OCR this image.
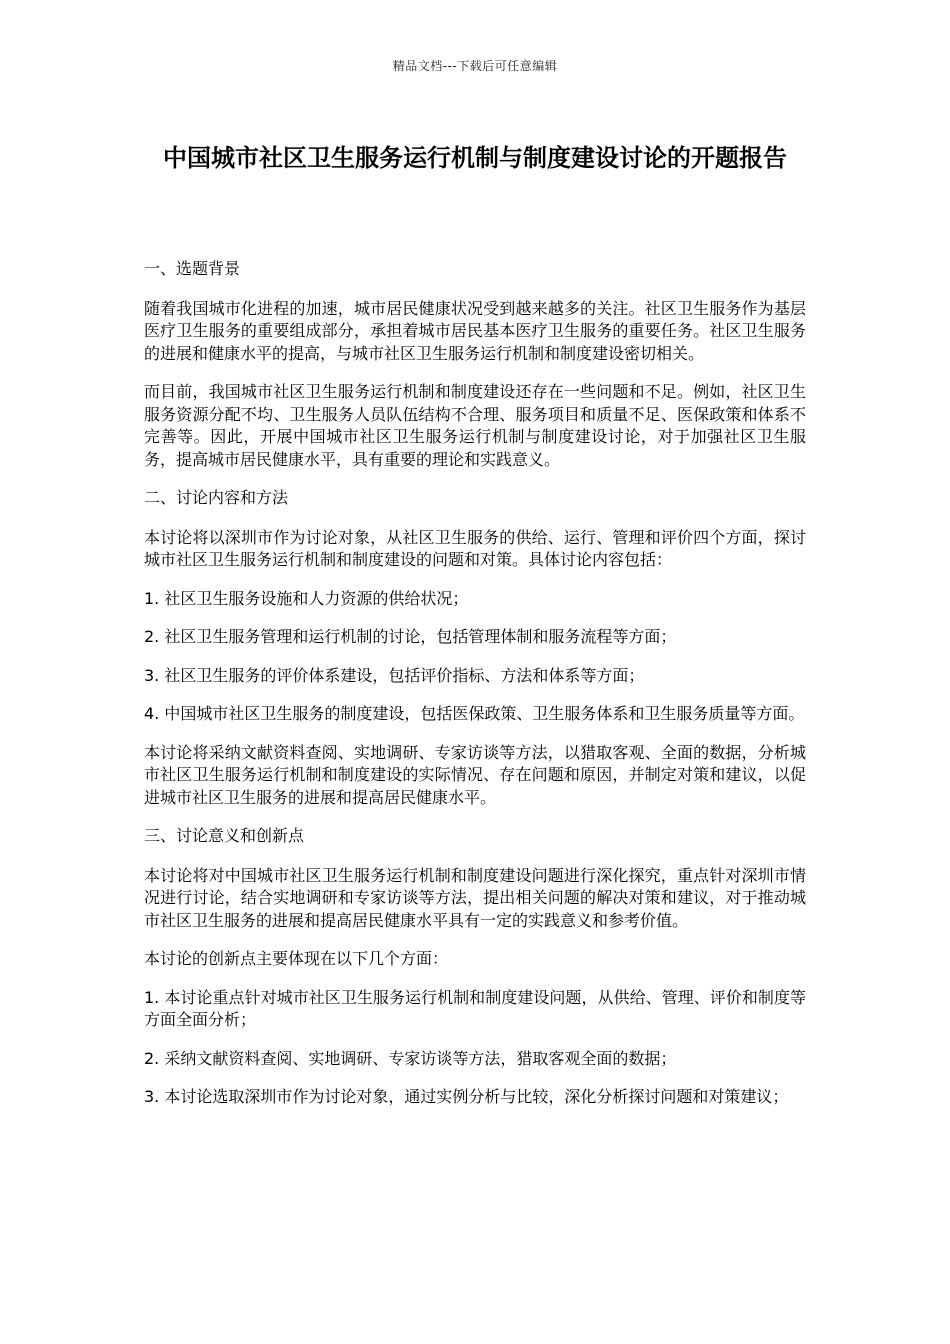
精品文档---下载后可任意编辑
中国城市社区卫生服务运行机制与制度建设讨论的开题报告

一、选题背景

随着我国城市化进程的加速，城市居民健康状况受到越来越多的关注。社区卫生服务作为基层医疗卫生服务的重要组成部分，承担着城市居民基本医疗卫生服务的重要任务。社区卫生服务的进展和健康水平的提高，与城市社区卫生服务运行机制和制度建设密切相关。

而目前，我国城市社区卫生服务运行机制和制度建设还存在一些问题和不足。例如，社区卫生服务资源分配不均、卫生服务人员队伍结构不合理、服务项目和质量不足、医保政策和体系不完善等。因此，开展中国城市社区卫生服务运行机制与制度建设讨论，对于加强社区卫生服务，提高城市居民健康水平，具有重要的理论和实践意义。

二、讨论内容和方法

本讨论将以深圳市作为讨论对象，从社区卫生服务的供给、运行、管理和评价四个方面，探讨城市社区卫生服务运行机制和制度建设的问题和对策。具体讨论内容包括：

1. 社区卫生服务设施和人力资源的供给状况；

2. 社区卫生服务管理和运行机制的讨论，包括管理体制和服务流程等方面；

3. 社区卫生服务的评价体系建设，包括评价指标、方法和体系等方面；

4. 中国城市社区卫生服务的制度建设，包括医保政策、卫生服务体系和卫生服务质量等方面。

本讨论将采纳文献资料查阅、实地调研、专家访谈等方法，以猎取客观、全面的数据，分析城市社区卫生服务运行机制和制度建设的实际情况、存在问题和原因，并制定对策和建议，以促进城市社区卫生服务的进展和提高居民健康水平。

三、讨论意义和创新点

本讨论将对中国城市社区卫生服务运行机制和制度建设问题进行深化探究，重点针对深圳市情况进行讨论，结合实地调研和专家访谈等方法，提出相关问题的解决对策和建议，对于推动城市社区卫生服务的进展和提高居民健康水平具有一定的实践意义和参考价值。

本讨论的创新点主要体现在以下几个方面：

1. 本讨论重点针对城市社区卫生服务运行机制和制度建设问题，从供给、管理、评价和制度等方面全面分析；

2. 采纳文献资料查阅、实地调研、专家访谈等方法，猎取客观全面的数据；

3. 本讨论选取深圳市作为讨论对象，通过实例分析与比较，深化分析探讨问题和对策建议；
